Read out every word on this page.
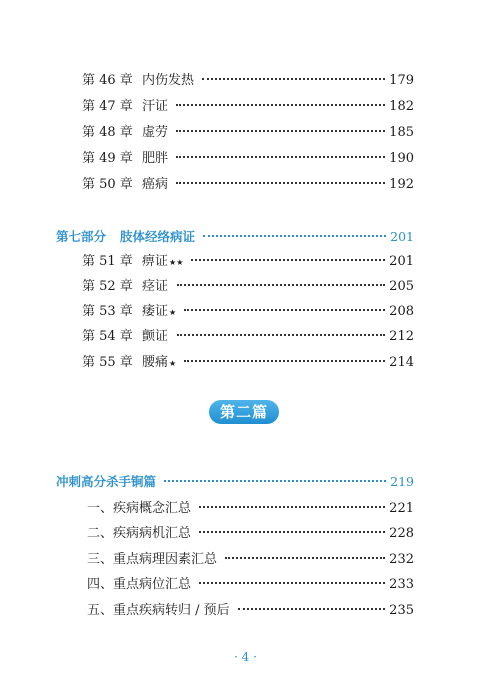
第 46 章 内伤发热	179
第 47 章 汗证	182
第 48 章 虚劳	185
第 49 章 肥胖	190
第 50 章 癌病	192
第七部分 肢体经络病证	201
第 51 章 痹证 ★★	201
第 52 章 痉证	205
第 53 章 痿证 ★	208
第 54 章 颤证	212
第 55 章 腰痛 ★	214
第二篇
冲刺高分杀手锏篇	219
一、疾病概念汇总	221
二、疾病病机汇总	228
三、重点病理因素汇总	232
四、重点病位汇总	233
五、重点疾病转归 / 预后	235
· 4 ·
